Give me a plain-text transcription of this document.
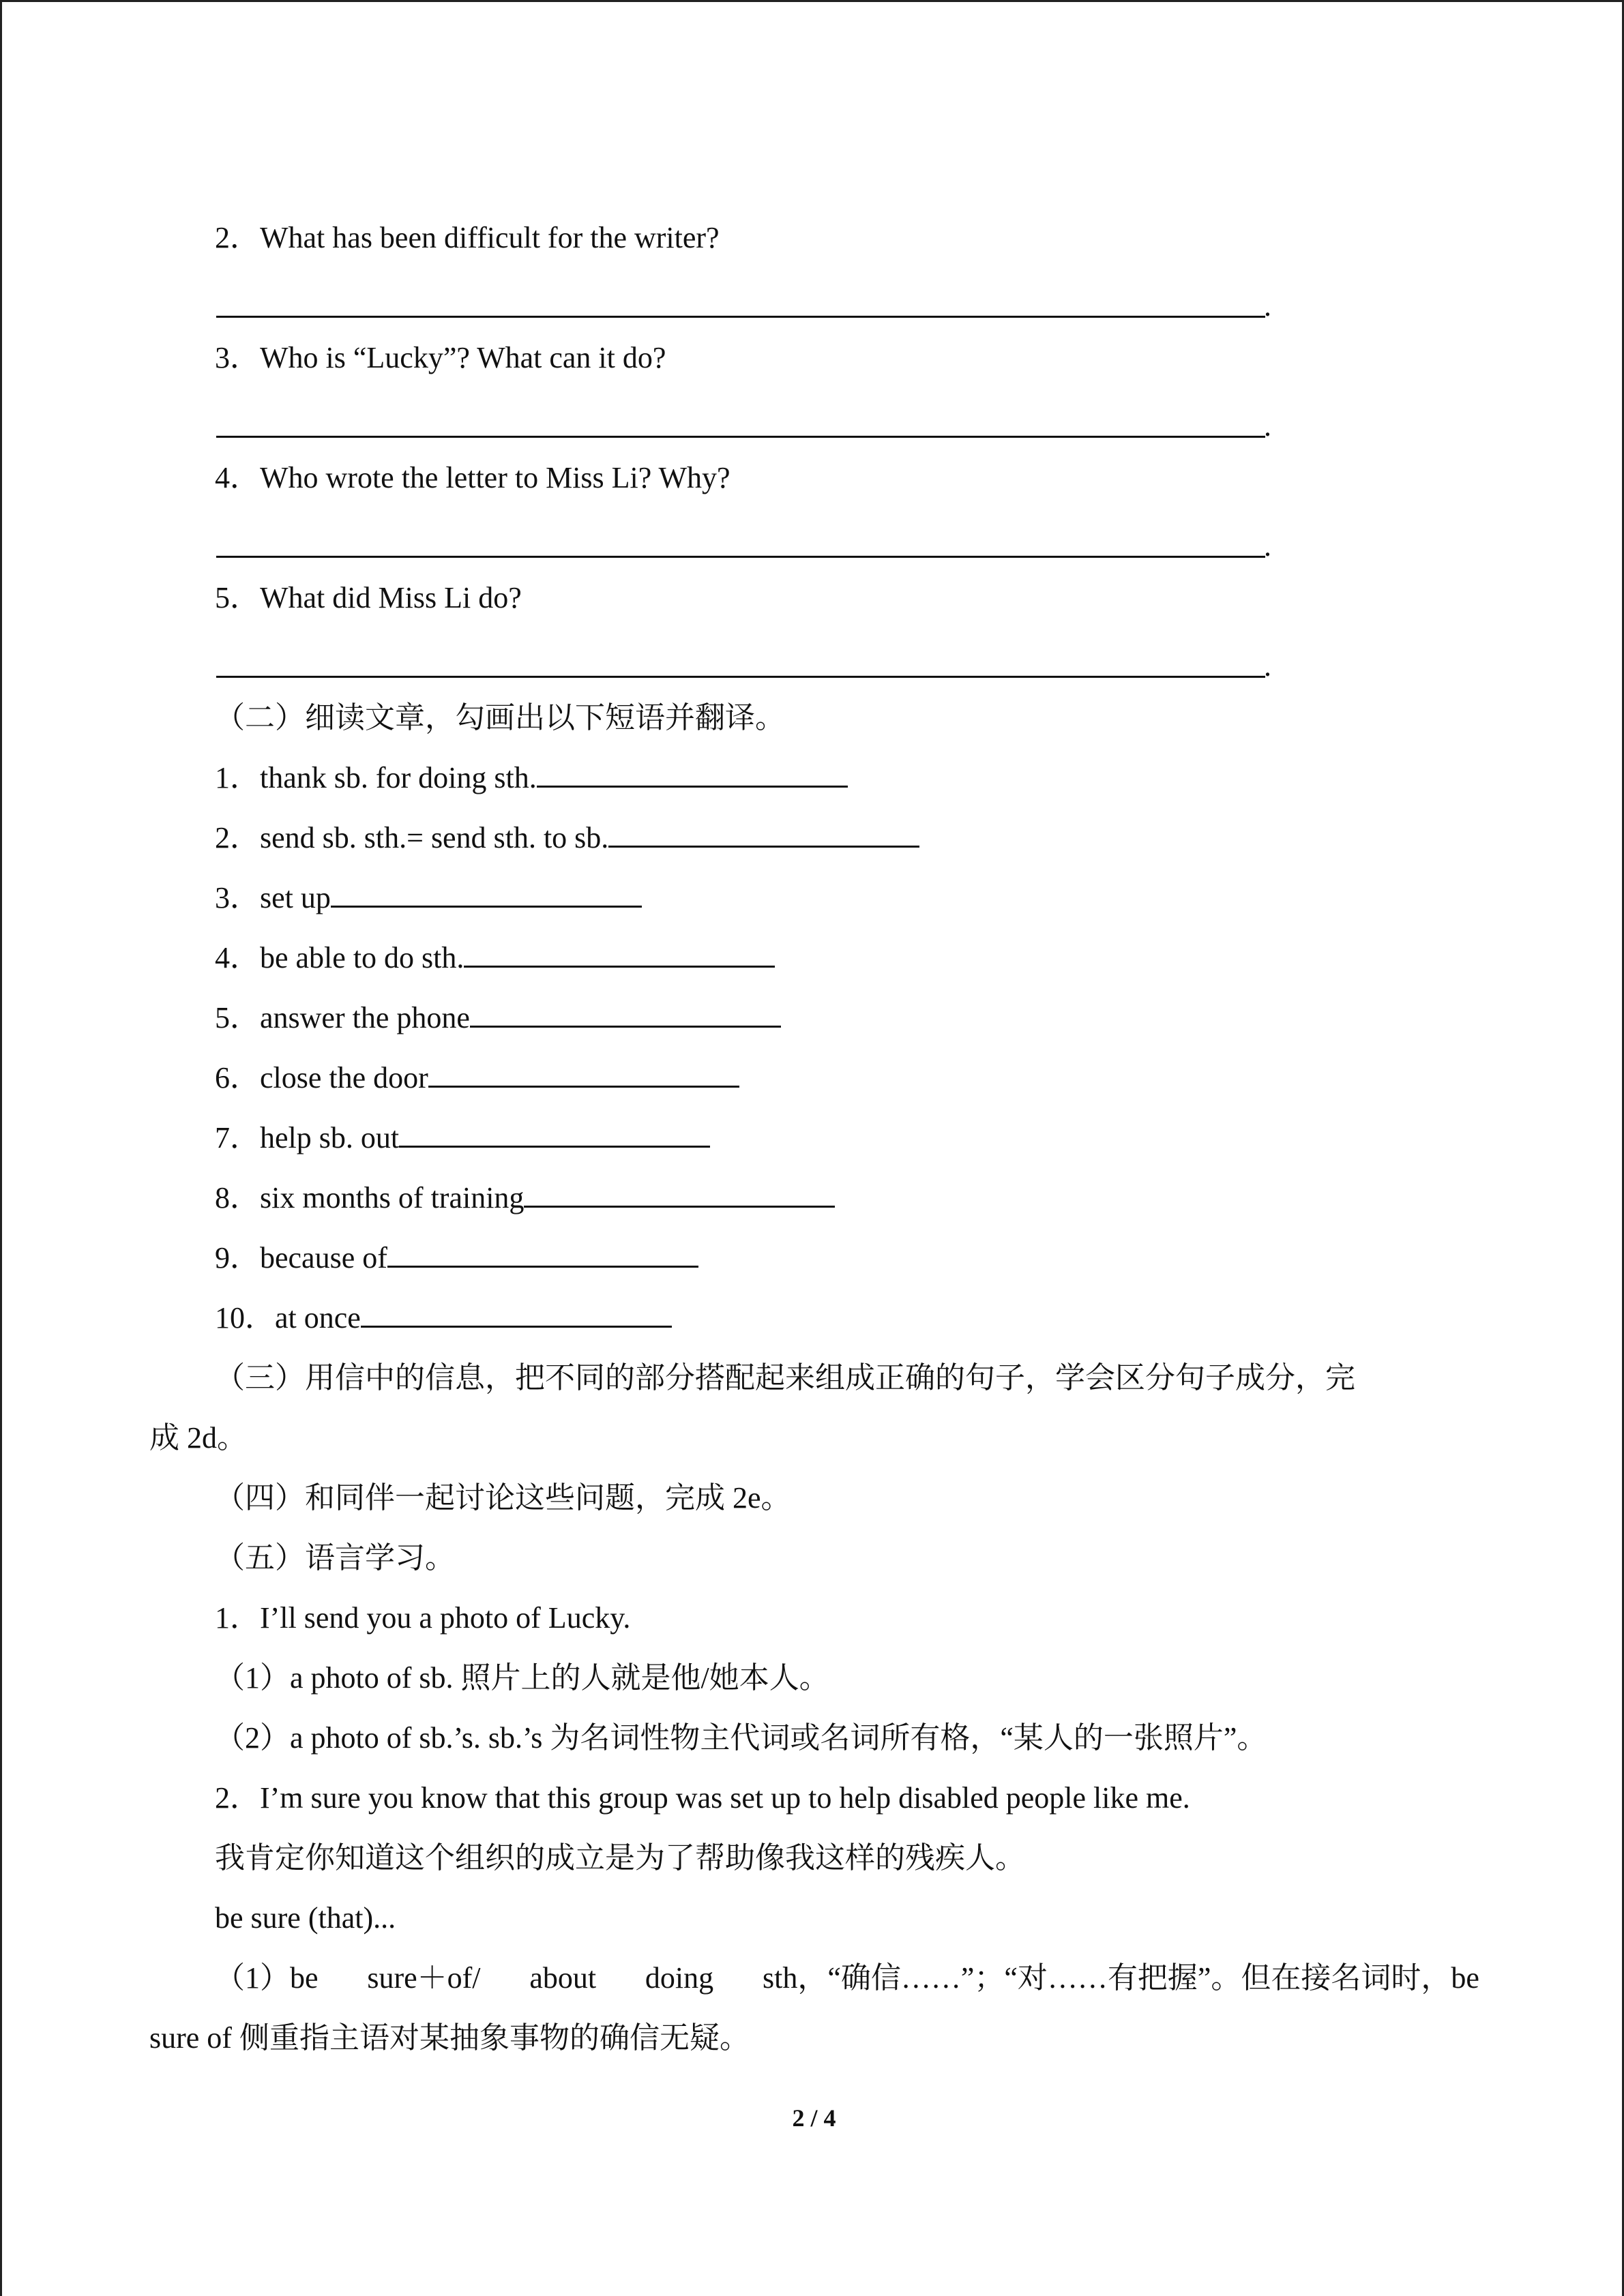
2．What has been difficult for the writer?
.
3．Who is “Lucky”? What can it do?
.
4．Who wrote the letter to Miss Li? Why?
.
5．What did Miss Li do?
.
（二）细读文章，勾画出以下短语并翻译。
1．thank sb. for doing sth.
2．send sb. sth.= send sth. to sb.
3．set up
4．be able to do sth.
5．answer the phone
6．close the door
7．help sb. out
8．six months of training
9．because of
10．at once
（三）用信中的信息，把不同的部分搭配起来组成正确的句子，学会区分句子成分，完
成 2d。
（四）和同伴一起讨论这些问题，完成 2e。
（五）语言学习。
1．I’ll send you a photo of Lucky.
（1）a photo of sb. 照片上的人就是他/她本人。
（2）a photo of sb.’s. sb.’s 为名词性物主代词或名词所有格，“某人的一张照片”。
2．I’m sure you know that this group was set up to help disabled people like me.
我肯定你知道这个组织的成立是为了帮助像我这样的残疾人。
be sure (that)...
（1）be sure＋of/ about doing sth，“确信……”；“对……有把握”。但在接名词时，be
sure of 侧重指主语对某抽象事物的确信无疑。
2 / 4
